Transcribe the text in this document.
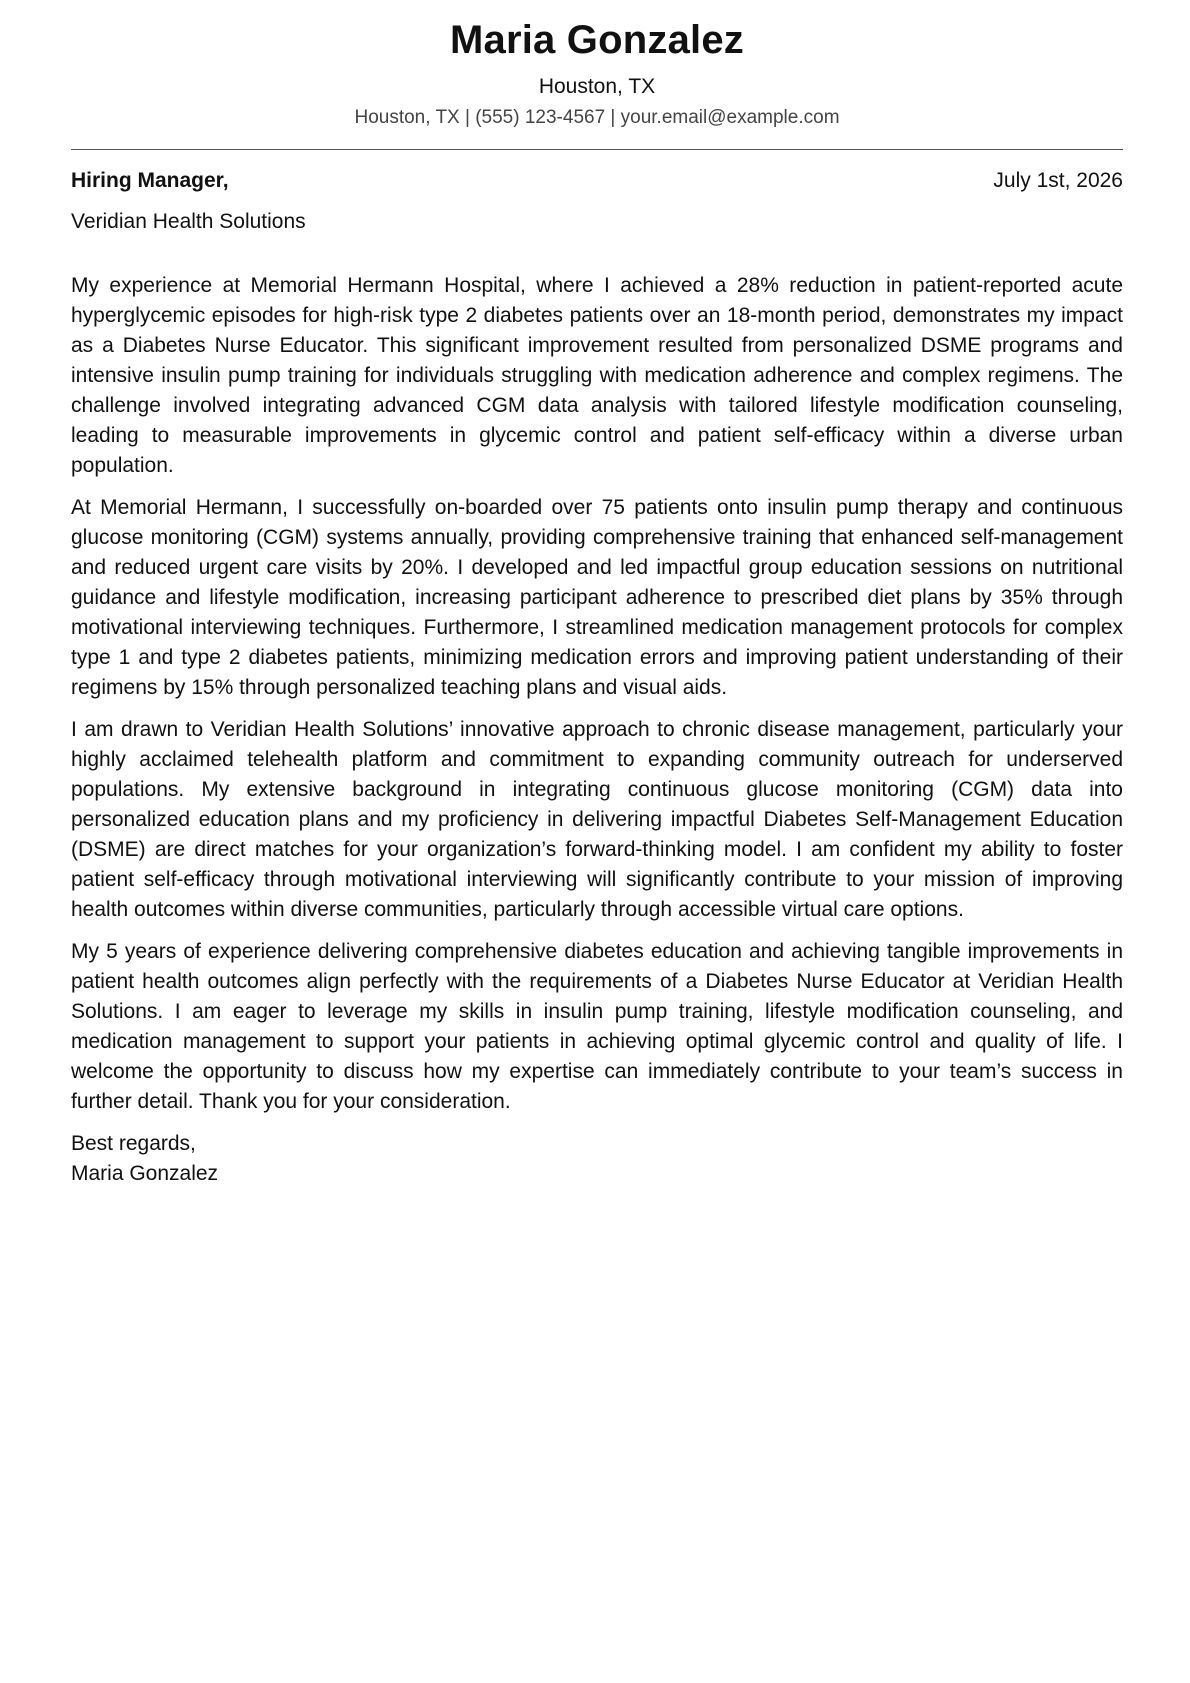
Maria Gonzalez
Houston, TX
Houston, TX | (555) 123-4567 | your.email@example.com
Hiring Manager,	July 1st, 2026
Veridian Health Solutions

My experience at Memorial Hermann Hospital, where I achieved a 28% reduction in patient-reported acute hyperglycemic episodes for high-risk type 2 diabetes patients over an 18-month period, demonstrates my impact as a Diabetes Nurse Educator. This significant improvement resulted from personalized DSME programs and intensive insulin pump training for individuals struggling with medication adherence and complex regimens. The challenge involved integrating advanced CGM data analysis with tailored lifestyle modification counseling, leading to measurable improvements in glycemic control and patient self-efficacy within a diverse urban population.

At Memorial Hermann, I successfully on-boarded over 75 patients onto insulin pump therapy and continuous glucose monitoring (CGM) systems annually, providing comprehensive training that enhanced self-management and reduced urgent care visits by 20%. I developed and led impactful group education sessions on nutritional guidance and lifestyle modification, increasing participant adherence to prescribed diet plans by 35% through motivational interviewing techniques. Furthermore, I streamlined medication management protocols for complex type 1 and type 2 diabetes patients, minimizing medication errors and improving patient understanding of their regimens by 15% through personalized teaching plans and visual aids.

I am drawn to Veridian Health Solutions’ innovative approach to chronic disease management, particularly your highly acclaimed telehealth platform and commitment to expanding community outreach for underserved populations. My extensive background in integrating continuous glucose monitoring (CGM) data into personalized education plans and my proficiency in delivering impactful Diabetes Self-Management Education (DSME) are direct matches for your organization’s forward-thinking model. I am confident my ability to foster patient self-efficacy through motivational interviewing will significantly contribute to your mission of improving health outcomes within diverse communities, particularly through accessible virtual care options.

My 5 years of experience delivering comprehensive diabetes education and achieving tangible improvements in patient health outcomes align perfectly with the requirements of a Diabetes Nurse Educator at Veridian Health Solutions. I am eager to leverage my skills in insulin pump training, lifestyle modification counseling, and medication management to support your patients in achieving optimal glycemic control and quality of life. I welcome the opportunity to discuss how my expertise can immediately contribute to your team’s success in further detail. Thank you for your consideration.

Best regards,
Maria Gonzalez
